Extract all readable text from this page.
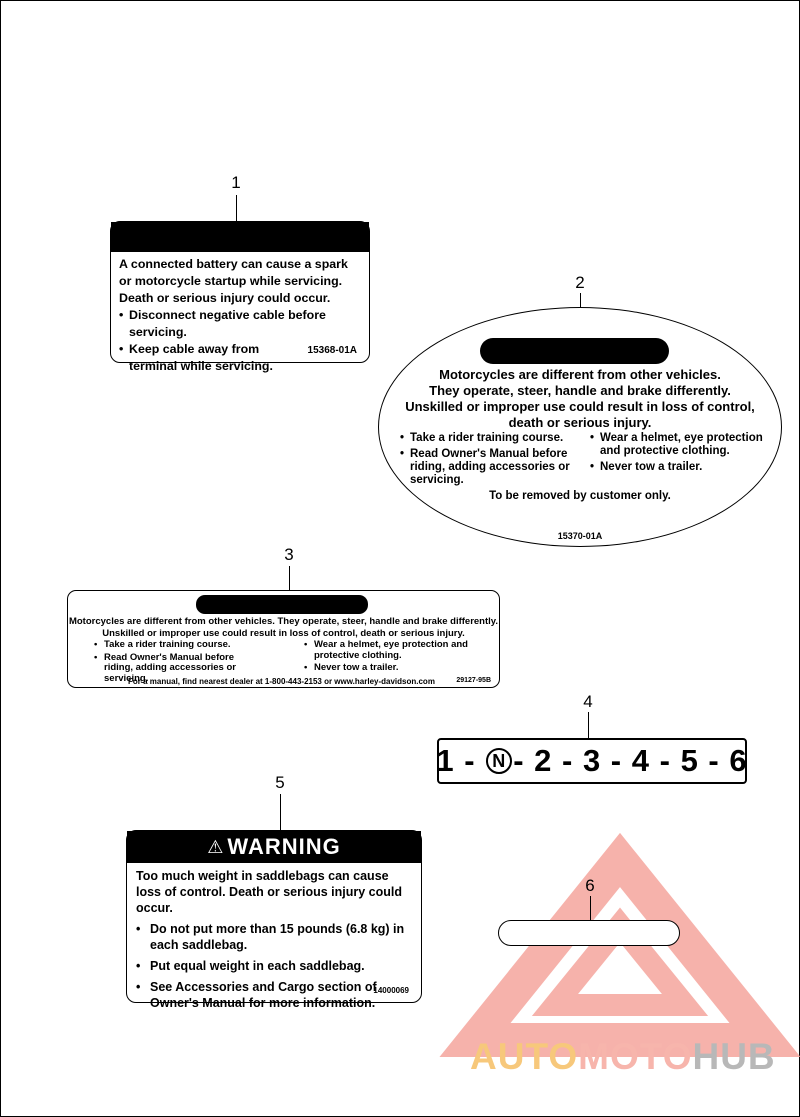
1
A connected battery can cause a spark
or motorcycle startup while servicing.
Death or serious injury could occur.
• Disconnect negative cable before servicing.
• Keep cable away from terminal while servicing.
15368-01A
2
Motorcycles are different from other vehicles.
They operate, steer, handle and brake differently.
Unskilled or improper use could result in loss of control,
death or serious injury.
• Take a rider training course.
• Read Owner's Manual before riding, adding accessories or servicing.
• Wear a helmet, eye protection and protective clothing.
• Never tow a trailer.
To be removed by customer only.
15370-01A
3
Motorcycles are different from other vehicles. They operate, steer, handle and brake differently.
Unskilled or improper use could result in loss of control, death or serious injury.
• Take a rider training course.
• Read Owner's Manual before riding, adding accessories or servicing.
• Wear a helmet, eye protection and protective clothing.
• Never tow a trailer.
For a manual, find nearest dealer at 1-800-443-2153 or www.harley-davidson.com	29127-95B
4
1 - N - 2 - 3 - 4 - 5 - 6
5
⚠ WARNING
Too much weight in saddlebags can cause loss of control. Death or serious injury could occur.
• Do not put more than 15 pounds (6.8 kg) in each saddlebag.
• Put equal weight in each saddlebag.
• See Accessories and Cargo section of Owner's Manual for more information.
14000069
AUTOMOTOHUB
6
